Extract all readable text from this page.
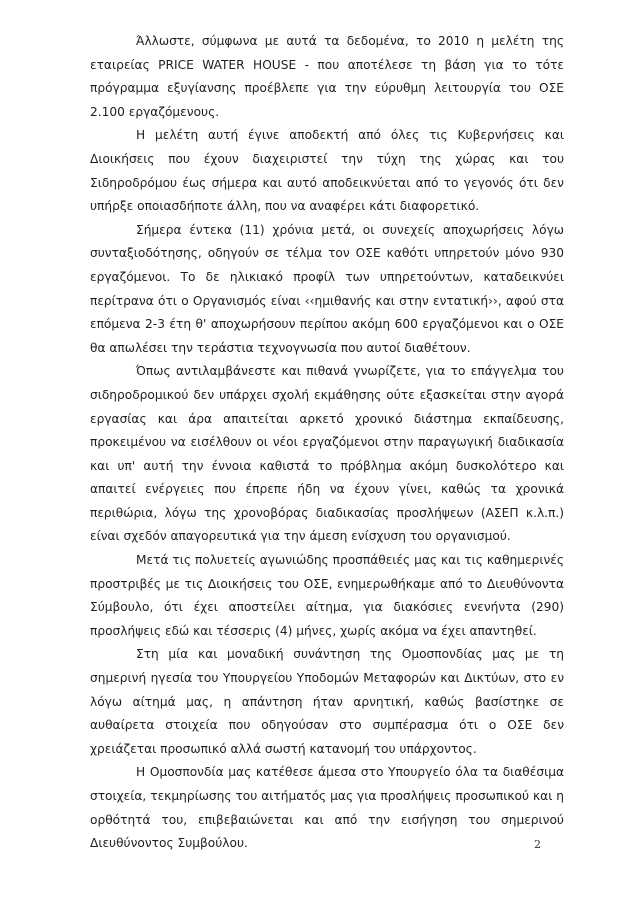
Άλλωστε, σύμφωνα με αυτά τα δεδομένα, το 2010 η μελέτη της εταιρείας PRICE WATER HOUSE - που αποτέλεσε τη βάση για το τότε πρόγραμμα εξυγίανσης προέβλεπε για την εύρυθμη λειτουργία του ΟΣΕ 2.100 εργαζόμενους.

Η μελέτη αυτή έγινε αποδεκτή από όλες τις Κυβερνήσεις και Διοικήσεις που έχουν διαχειριστεί την τύχη της χώρας και του Σιδηροδρόμου έως σήμερα και αυτό αποδεικνύεται από το γεγονός ότι δεν υπήρξε οποιασδήποτε άλλη, που να αναφέρει κάτι διαφορετικό.

Σήμερα έντεκα (11) χρόνια μετά, οι συνεχείς αποχωρήσεις λόγω συνταξιοδότησης, οδηγούν σε τέλμα τον ΟΣΕ καθότι υπηρετούν μόνο 930 εργαζόμενοι. Το δε ηλικιακό προφίλ των υπηρετούντων, καταδεικνύει περίτρανα ότι ο Οργανισμός είναι ‹‹ημιθανής και στην εντατική››, αφού στα επόμενα 2-3 έτη θ' αποχωρήσουν περίπου ακόμη 600 εργαζόμενοι και ο ΟΣΕ θα απωλέσει την τεράστια τεχνογνωσία που αυτοί διαθέτουν.

Όπως αντιλαμβάνεστε και πιθανά γνωρίζετε, για το επάγγελμα του σιδηροδρομικού δεν υπάρχει σχολή εκμάθησης ούτε εξασκείται στην αγορά εργασίας και άρα απαιτείται αρκετό χρονικό διάστημα εκπαίδευσης, προκειμένου να εισέλθουν οι νέοι εργαζόμενοι στην παραγωγική διαδικασία και υπ' αυτή την έννοια καθιστά το πρόβλημα ακόμη δυσκολότερο και απαιτεί ενέργειες που έπρεπε ήδη να έχουν γίνει, καθώς τα χρονικά περιθώρια, λόγω της χρονοβόρας διαδικασίας προσλήψεων (ΑΣΕΠ κ.λ.π.) είναι σχεδόν απαγορευτικά για την άμεση ενίσχυση του οργανισμού.

Μετά τις πολυετείς αγωνιώδης προσπάθειές μας και τις καθημερινές προστριβές με τις Διοικήσεις του ΟΣΕ, ενημερωθήκαμε από το Διευθύνοντα Σύμβουλο, ότι έχει αποστείλει αίτημα, για διακόσιες ενενήντα (290) προσλήψεις εδώ και τέσσερις (4) μήνες, χωρίς ακόμα να έχει απαντηθεί.

Στη μία και μοναδική συνάντηση της Ομοσπονδίας μας με τη σημερινή ηγεσία του Υπουργείου Υποδομών Μεταφορών και Δικτύων, στο εν λόγω αίτημά μας, η απάντηση ήταν αρνητική, καθώς βασίστηκε σε αυθαίρετα στοιχεία που οδηγούσαν στο συμπέρασμα ότι ο ΟΣΕ δεν χρειάζεται προσωπικό αλλά σωστή κατανομή του υπάρχοντος.

Η Ομοσπονδία μας κατέθεσε άμεσα στο Υπουργείο όλα τα διαθέσιμα στοιχεία, τεκμηρίωσης του αιτήματός μας για προσλήψεις προσωπικού και η ορθότητά του, επιβεβαιώνεται και από την εισήγηση του σημερινού Διευθύνοντος Συμβούλου.	2
